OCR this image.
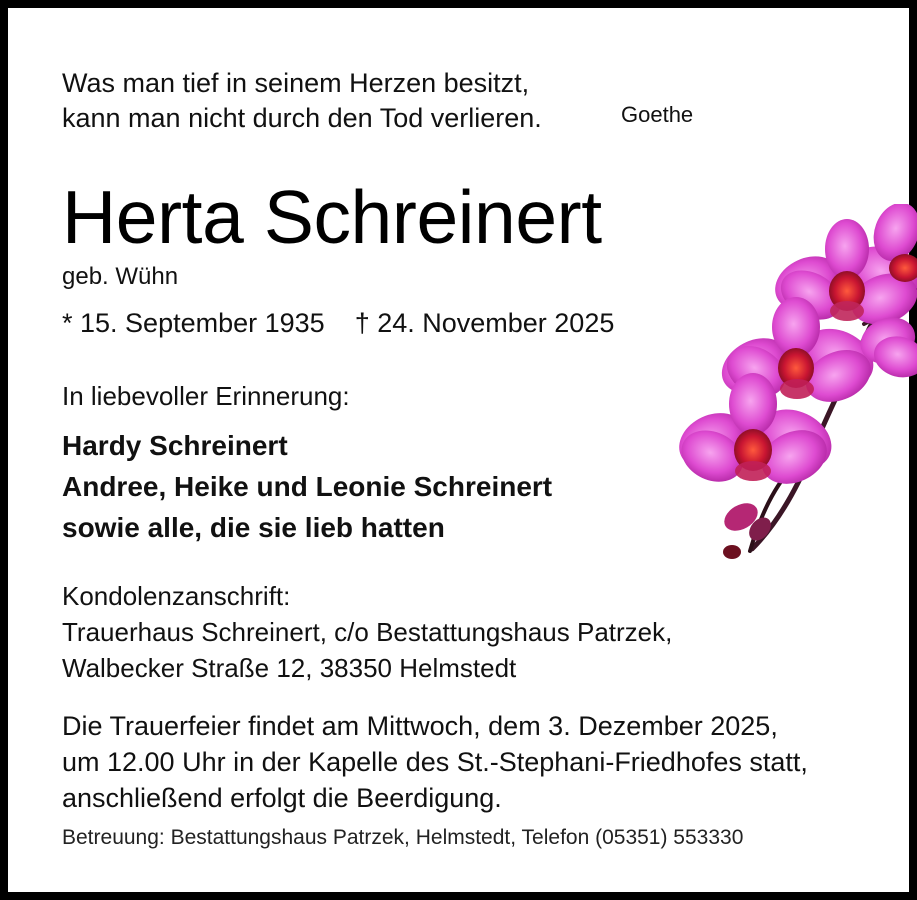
Was man tief in seinem Herzen besitzt,
kann man nicht durch den Tod verlieren.	Goethe
Herta Schreinert
geb. Wühn
* 15. September 1935 † 24. November 2025
In liebevoller Erinnerung:
Hardy Schreinert
Andree, Heike und Leonie Schreinert
sowie alle, die sie lieb hatten
Kondolenzanschrift:
Trauerhaus Schreinert, c/o Bestattungshaus Patrzek,
Walbecker Straße 12, 38350 Helmstedt
Die Trauerfeier findet am Mittwoch, dem 3. Dezember 2025,
um 12.00 Uhr in der Kapelle des St.-Stephani-Friedhofes statt,
anschließend erfolgt die Beerdigung.
Betreuung: Bestattungshaus Patrzek, Helmstedt, Telefon (05351) 553330
